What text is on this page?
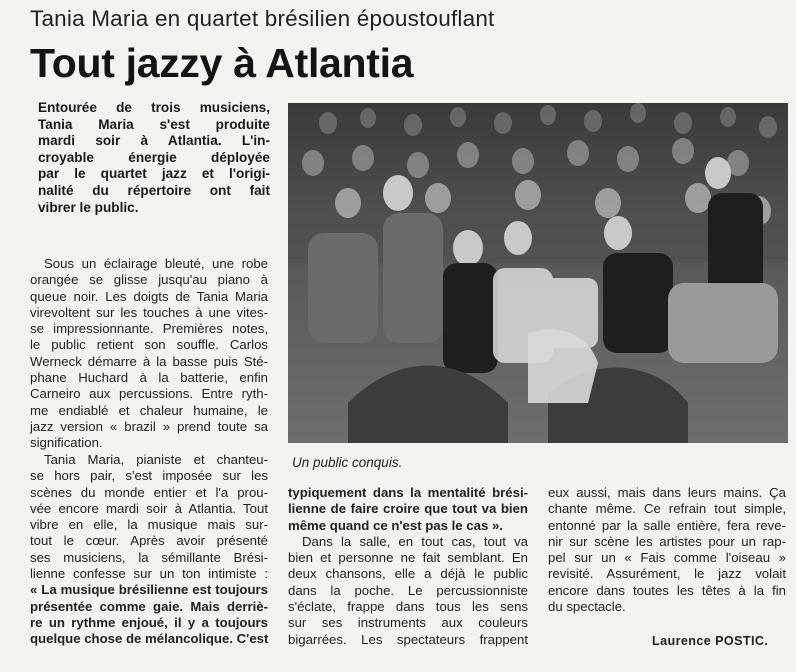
Tania Maria en quartet brésilien époustouflant
Tout jazzy à Atlantia
Entourée de trois musiciens,
Tania Maria s'est produite
mardi soir à Atlantia. L'in-
croyable énergie déployée
par le quartet jazz et l'origi-
nalité du répertoire ont fait
vibrer le public.
Sous un éclairage bleuté, une robe
orangée se glisse jusqu'au piano à
queue noir. Les doigts de Tania Maria
virevoltent sur les touches à une vites-
se impressionnante. Premières notes,
le public retient son souffle. Carlos
Werneck démarre à la basse puis Sté-
phane Huchard à la batterie, enfin
Carneiro aux percussions. Entre ryth-
me endiablé et chaleur humaine, le
jazz version « brazil » prend toute sa
signification.
Tania Maria, pianiste et chanteu-
se hors pair, s'est imposée sur les
scènes du monde entier et l'a prou-
vée encore mardi soir à Atlantia. Tout
vibre en elle, la musique mais sur-
tout le cœur. Après avoir présenté
ses musiciens, la sémillante Brési-
lienne confesse sur un ton intimiste :
« La musique brésilienne est toujours
présentée comme gaie. Mais derriè-
re un rythme enjoué, il y a toujours
quelque chose de mélancolique. C'est
Un public conquis.
typiquement dans la mentalité brési-
lienne de faire croire que tout va bien
même quand ce n'est pas le cas ».
Dans la salle, en tout cas, tout va
bien et personne ne fait semblant. En
deux chansons, elle a déjà le public
dans la poche. Le percussionniste
s'éclate, frappe dans tous les sens
sur ses instruments aux couleurs
bigarrées. Les spectateurs frappent
eux aussi, mais dans leurs mains. Ça
chante même. Ce refrain tout simple,
entonné par la salle entière, fera reve-
nir sur scène les artistes pour un rap-
pel sur un « Fais comme l'oiseau »
revisité. Assurément, le jazz volait
encore dans toutes les têtes à la fin
du spectacle.
Laurence POSTIC.
